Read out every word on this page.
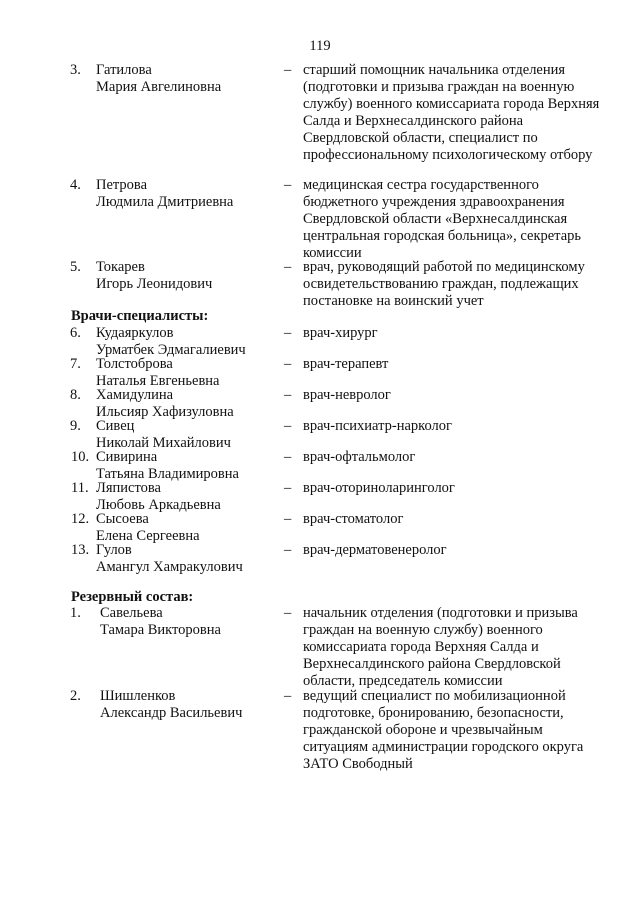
119
3. Гатилова
Мария Авгелиновна
– старший помощник начальника отделения (подготовки и призыва граждан на военную службу) военного комиссариата города Верхняя Салда и Верхнесалдинского района Свердловской области, специалист по профессиональному психологическому отбору
4. Петрова
Людмила Дмитриевна
– медицинская сестра государственного бюджетного учреждения здравоохранения Свердловской области «Верхнесалдинская центральная городская больница», секретарь комиссии
5. Токарев
Игорь Леонидович
– врач, руководящий работой по медицинскому освидетельствованию граждан, подлежащих постановке на воинский учет
Врачи-специалисты:
6. Кудаяркулов
Урматбек Эдмагалиевич
– врач-хирург
7. Толстоброва
Наталья Евгеньевна
– врач-терапевт
8. Хамидулина
Ильсияр Хафизуловна
– врач-невролог
9. Сивец
Николай Михайлович
– врач-психиатр-нарколог
10. Сивирина
Татьяна Владимировна
– врач-офтальмолог
11. Ляпистова
Любовь Аркадьевна
– врач-оториноларинголог
12. Сысоева
Елена Сергеевна
– врач-стоматолог
13. Гулов
Амангул Хамракулович
– врач-дерматовенеролог
Резервный состав:
1. Савельева
Тамара Викторовна
– начальник отделения (подготовки и призыва граждан на военную службу) военного комиссариата города Верхняя Салда и Верхнесалдинского района Свердловской области, председатель комиссии
2. Шишленков
Александр Васильевич
– ведущий специалист по мобилизационной подготовке, бронированию, безопасности, гражданской обороне и чрезвычайным ситуациям администрации городского округа ЗАТО Свободный
